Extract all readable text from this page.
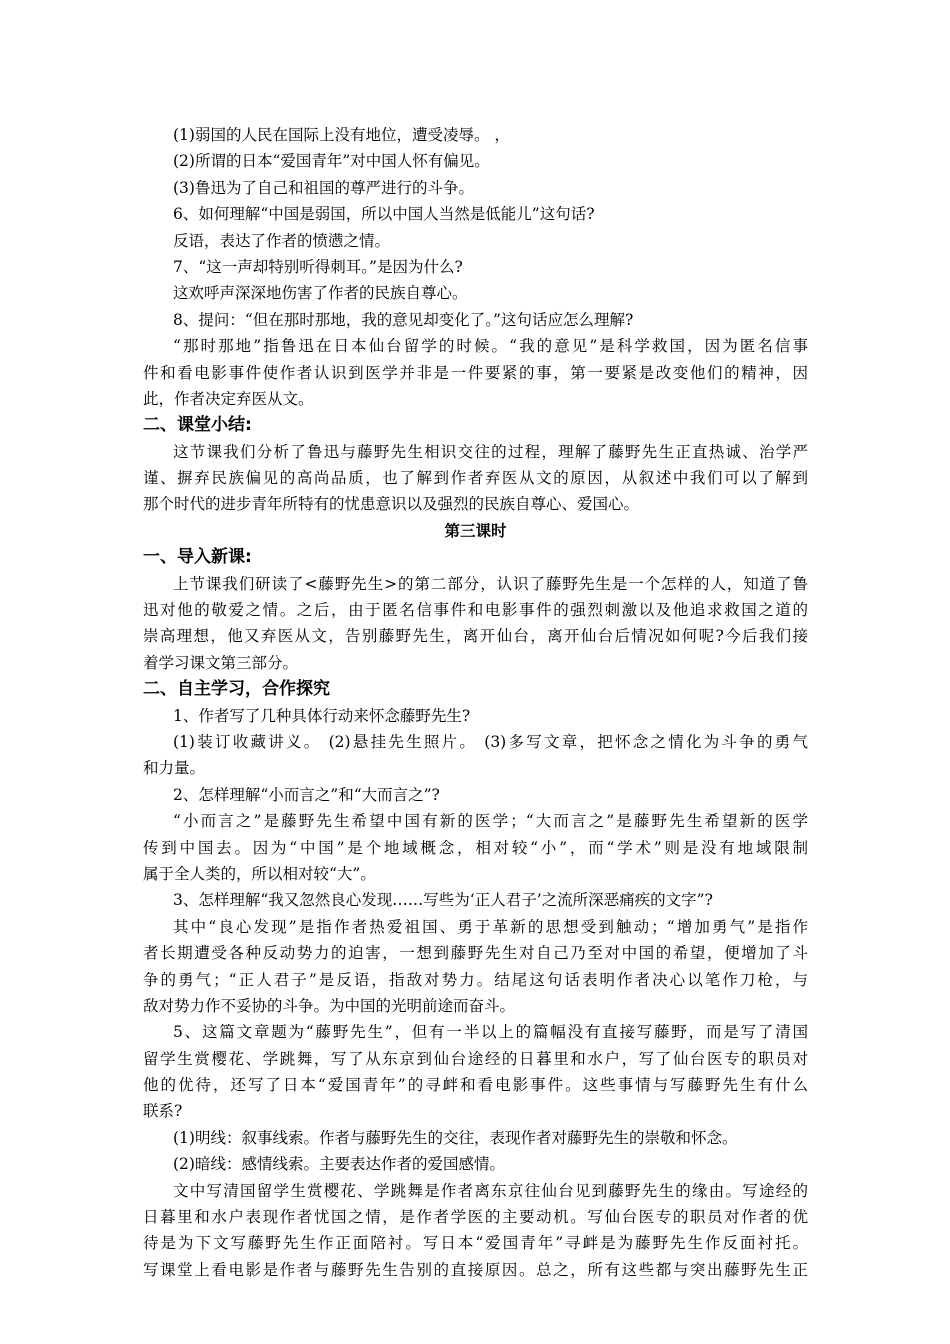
(1)弱国的人民在国际上没有地位，遭受凌辱。 ，
(2)所谓的日本“爱国青年”对中国人怀有偏见。
(3)鲁迅为了自己和祖国的尊严进行的斗争。
6、如何理解“中国是弱国，所以中国人当然是低能儿”这句话?
反语，表达了作者的愤懑之情。
7、“这一声却特别听得刺耳。”是因为什么?
这欢呼声深深地伤害了作者的民族自尊心。
8、提问：“但在那时那地，我的意见却变化了。”这句话应怎么理解?
“那时那地”指鲁迅在日本仙台留学的时候。“我的意见”是科学救国，因为匿名信事
件和看电影事件使作者认识到医学并非是一件要紧的事，第一要紧是改变他们的精神，因
此，作者决定弃医从文。
二、课堂小结:
这节课我们分析了鲁迅与藤野先生相识交往的过程，理解了藤野先生正直热诚、治学严
谨、摒弃民族偏见的高尚品质，也了解到作者弃医从文的原因，从叙述中我们可以了解到
那个时代的进步青年所特有的忧患意识以及强烈的民族自尊心、爱国心。
第三课时
一、导入新课:
上节课我们研读了<藤野先生>的第二部分，认识了藤野先生是一个怎样的人，知道了鲁
迅对他的敬爱之情。之后，由于匿名信事件和电影事件的强烈刺激以及他追求救国之道的
崇高理想，他又弃医从文，告别藤野先生，离开仙台，离开仙台后情况如何呢?今后我们接
着学习课文第三部分。
二、自主学习，合作探究
1、作者写了几种具体行动来怀念藤野先生?
(1)装订收藏讲义。 (2)悬挂先生照片。 (3)多写文章，把怀念之情化为斗争的勇气
和力量。
2、怎样理解“小而言之”和“大而言之”?
“小而言之”是藤野先生希望中国有新的医学；“大而言之”是藤野先生希望新的医学
传到中国去。因为“中国”是个地域概念，相对较“小”，而“学术”则是没有地域限制
属于全人类的，所以相对较“大”。
3、怎样理解“我又忽然良心发现……写些为‘正人君子’之流所深恶痛疾的文字”?
其中“良心发现”是指作者热爱祖国、勇于革新的思想受到触动；“增加勇气”是指作
者长期遭受各种反动势力的迫害，一想到藤野先生对自己乃至对中国的希望，便增加了斗
争的勇气；“正人君子”是反语，指敌对势力。结尾这句话表明作者决心以笔作刀枪，与
敌对势力作不妥协的斗争。为中国的光明前途而奋斗。
5、这篇文章题为“藤野先生”，但有一半以上的篇幅没有直接写藤野，而是写了清国
留学生赏樱花、学跳舞，写了从东京到仙台途经的日暮里和水户，写了仙台医专的职员对
他的优待，还写了日本“爱国青年”的寻衅和看电影事件。这些事情与写藤野先生有什么
联系?
(1)明线：叙事线索。作者与藤野先生的交往，表现作者对藤野先生的崇敬和怀念。
(2)暗线：感情线索。主要表达作者的爱国感情。
文中写清国留学生赏樱花、学跳舞是作者离东京往仙台见到藤野先生的缘由。写途经的
日暮里和水户表现作者忧国之情，是作者学医的主要动机。写仙台医专的职员对作者的优
待是为下文写藤野先生作正面陪衬。写日本“爱国青年”寻衅是为藤野先生作反面衬托。
写课堂上看电影是作者与藤野先生告别的直接原因。总之，所有这些都与突出藤野先生正
